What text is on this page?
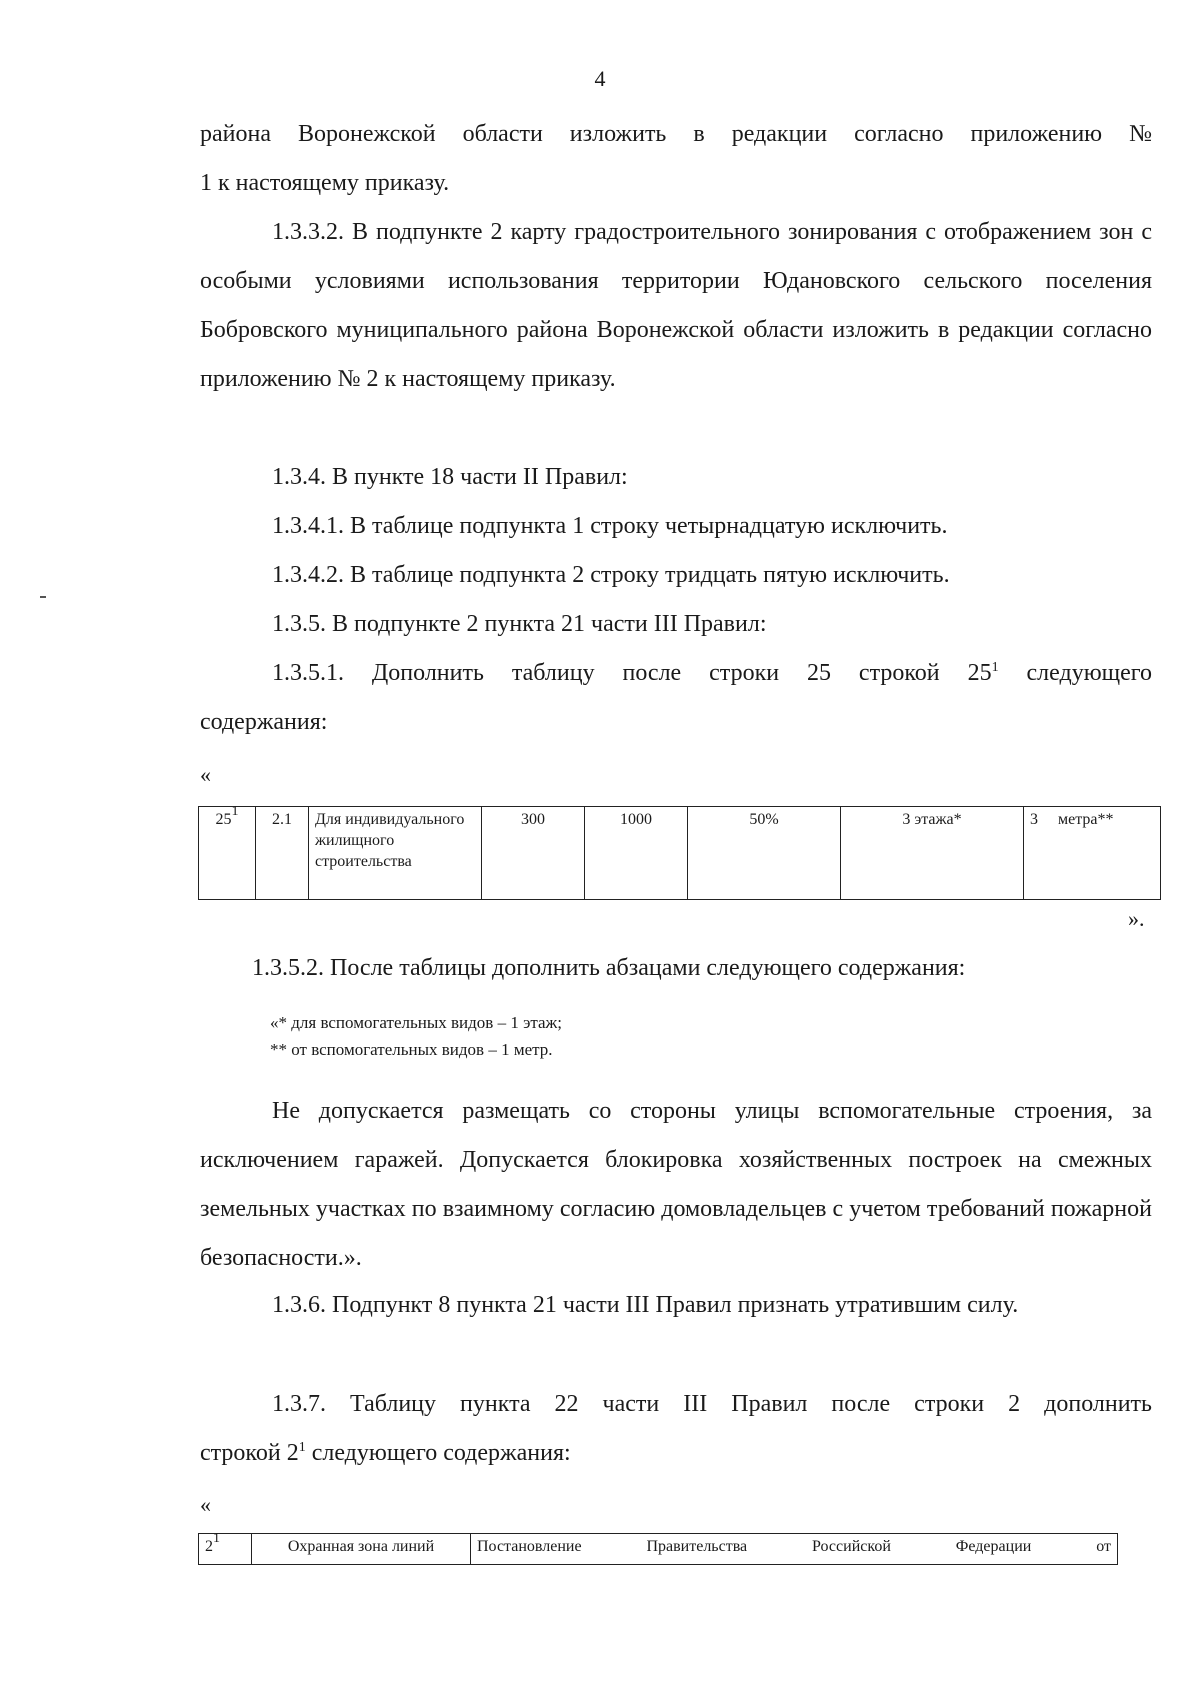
4
района Воронежской области изложить в редакции согласно приложению №
1 к настоящему приказу.

1.3.3.2. В подпункте 2 карту градостроительного зонирования с отображением зон с особыми условиями использования территории Юдановского сельского поселения Бобровского муниципального района Воронежской области изложить в редакции согласно приложению № 2 к настоящему приказу.

1.3.4. В пункте 18 части II Правил:

1.3.4.1. В таблице подпункта 1 строку четырнадцатую исключить.

1.3.4.2. В таблице подпункта 2 строку тридцать пятую исключить.

1.3.5. В подпункте 2 пункта 21 части III Правил:

1.3.5.1. Дополнить таблицу после строки 25 строкой $25^1$ следующего
содержания:
«
$25^1$	2.1	Для индивидуального жилищного строительства	300	1000	50%	3 этажа*	3 метра**
».

1.3.5.2. После таблицы дополнить абзацами следующего содержания:

«* для вспомогательных видов – 1 этаж;
** от вспомогательных видов – 1 метр.

Не допускается размещать со стороны улицы вспомогательные строения, за исключением гаражей. Допускается блокировка хозяйственных построек на смежных земельных участках по взаимному согласию домовладельцев с учетом требований пожарной безопасности.».

1.3.6. Подпункт 8 пункта 21 части III Правил признать утратившим силу.

1.3.7. Таблицу пункта 22 части III Правил после строки 2 дополнить
строкой $2^1$ следующего содержания:
«
$2^1$	Охранная зона линий	Постановление Правительства Российской Федерации от
